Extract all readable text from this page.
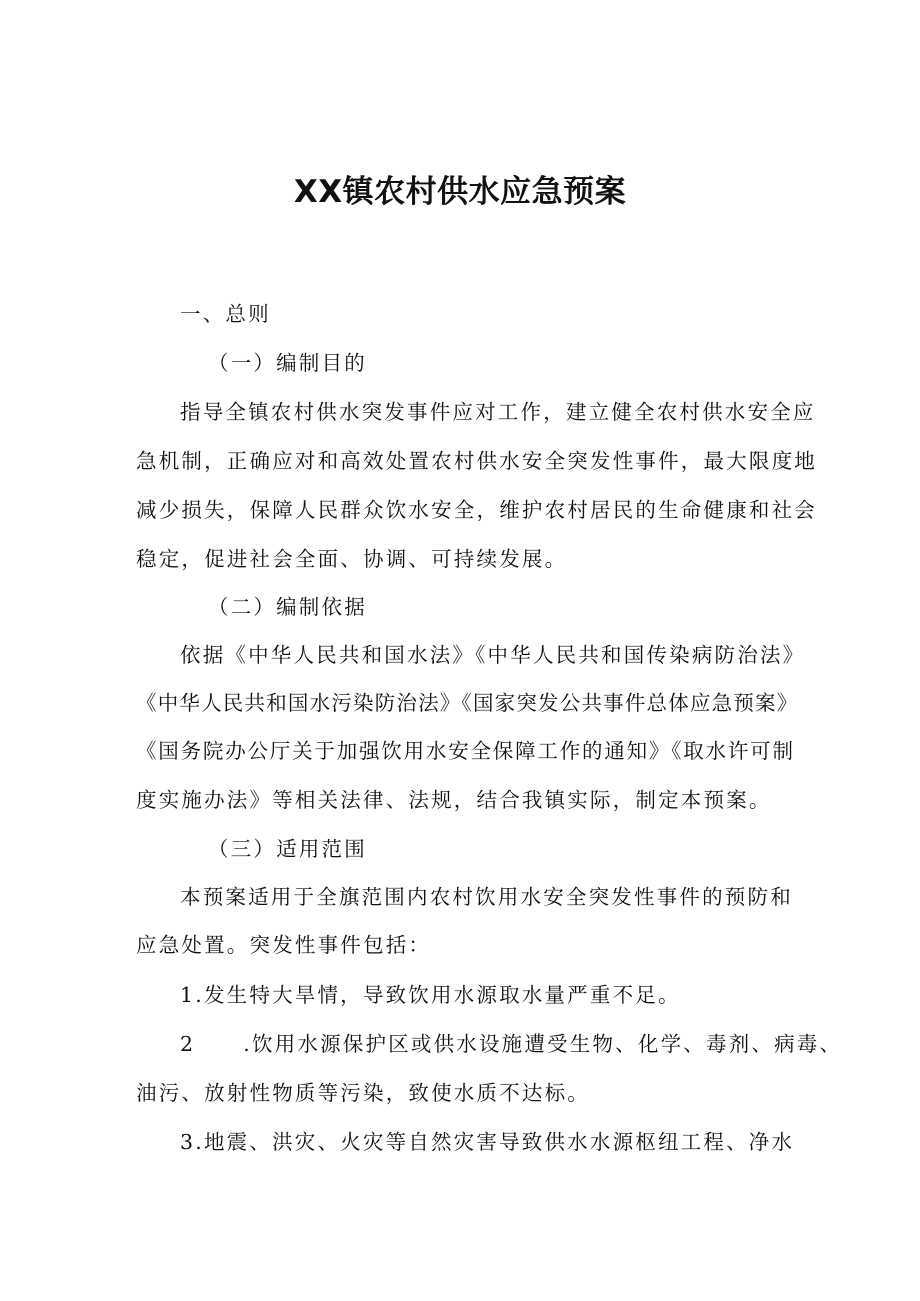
XX镇农村供水应急预案
一、总则
（一）编制目的
指导全镇农村供水突发事件应对工作，建立健全农村供水安全应
急机制，正确应对和高效处置农村供水安全突发性事件，最大限度地
减少损失，保障人民群众饮水安全，维护农村居民的生命健康和社会
稳定，促进社会全面、协调、可持续发展。
（二）编制依据
依据《中华人民共和国水法》《中华人民共和国传染病防治法》
《中华人民共和国水污染防治法》《国家突发公共事件总体应急预案》
《国务院办公厅关于加强饮用水安全保障工作的通知》《取水许可制
度实施办法》等相关法律、法规，结合我镇实际，制定本预案。
（三）适用范围
本预案适用于全旗范围内农村饮用水安全突发性事件的预防和
应急处置。突发性事件包括：
1.发生特大旱情，导致饮用水源取水量严重不足。
2 .饮用水源保护区或供水设施遭受生物、化学、毒剂、病毒、
油污、放射性物质等污染，致使水质不达标。
3.地震、洪灾、火灾等自然灾害导致供水水源枢纽工程、净水
